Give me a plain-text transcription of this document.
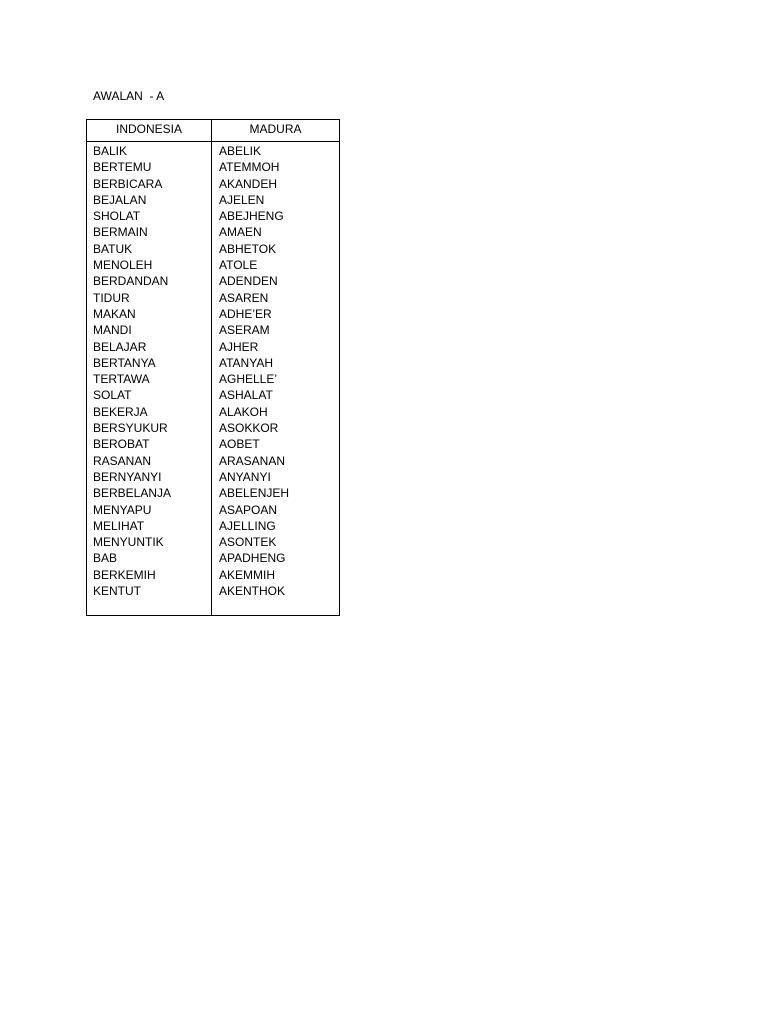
AWALAN  - A
INDONESIA	MADURA
BALIK
BERTEMU
BERBICARA
BEJALAN
SHOLAT
BERMAIN
BATUK
MENOLEH
BERDANDAN
TIDUR
MAKAN
MANDI
BELAJAR
BERTANYA
TERTAWA
SOLAT
BEKERJA
BERSYUKUR
BEROBAT
RASANAN
BERNYANYI
BERBELANJA
MENYAPU
MELIHAT
MENYUNTIK
BAB
BERKEMIH
KENTUT
ABELIK
ATEMMOH
AKANDEH
AJELEN
ABEJHENG
AMAEN
ABHETOK
ATOLE
ADENDEN
ASAREN
ADHE’ER
ASERAM
AJHER
ATANYAH
AGHELLE’
ASHALAT
ALAKOH
ASOKKOR
AOBET
ARASANAN
ANYANYI
ABELENJEH
ASAPOAN
AJELLING
ASONTEK
APADHENG
AKEMMIH
AKENTHOK
